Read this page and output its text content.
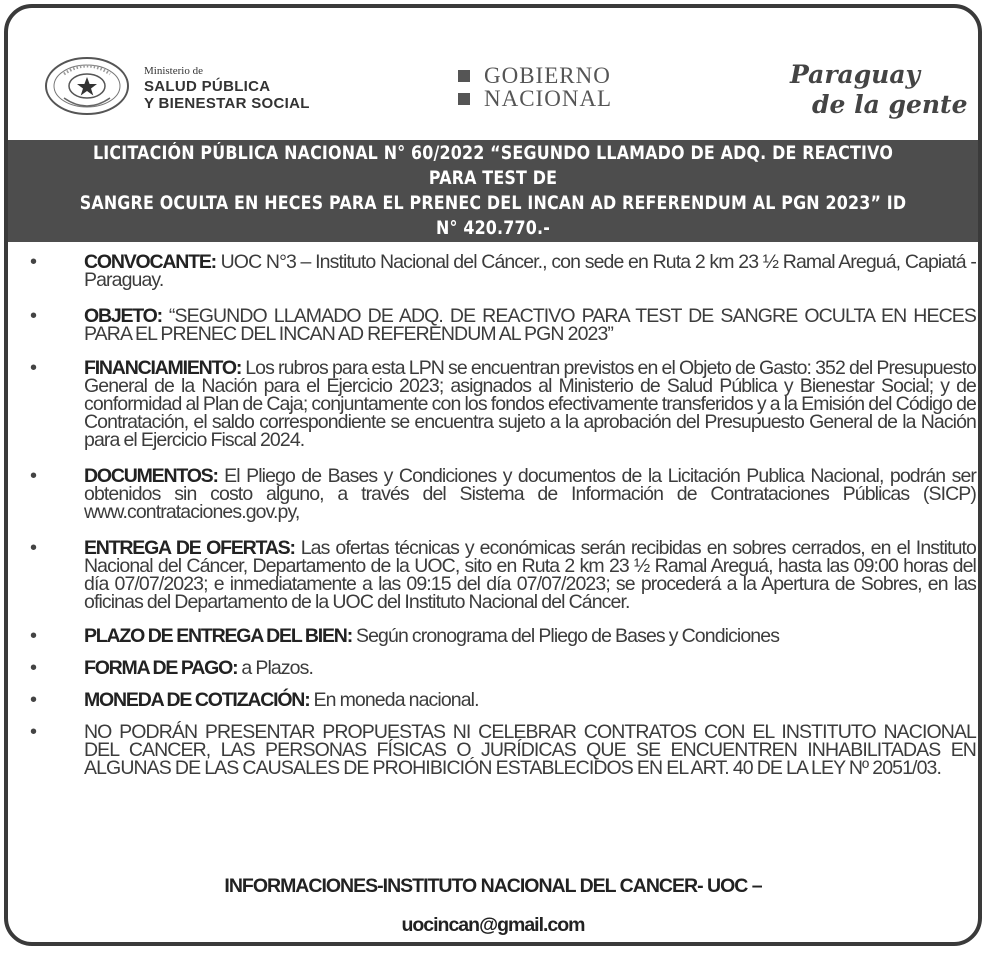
Ministerio de
SALUD PÚBLICA
Y BIENESTAR SOCIAL
GOBIERNO
NACIONAL
Paraguay
de la gente
LICITACIÓN PÚBLICA NACIONAL N° 60/2022 “SEGUNDO LLAMADO DE ADQ. DE REACTIVO PARA TEST DE
SANGRE OCULTA EN HECES PARA EL PRENEC DEL INCAN AD REFERENDUM AL PGN 2023” ID N° 420.770.-
• CONVOCANTE: UOC N°3 – Instituto Nacional del Cáncer., con sede en Ruta 2 km 23 ½ Ramal Areguá, Capiatá - Paraguay.
• OBJETO: “SEGUNDO LLAMADO DE ADQ. DE REACTIVO PARA TEST DE SANGRE OCULTA EN HECES PARA EL PRENEC DEL INCAN AD REFERENDUM AL PGN 2023”
• FINANCIAMIENTO: Los rubros para esta LPN se encuentran previstos en el Objeto de Gasto: 352 del Presupuesto General de la Nación para el Ejercicio 2023; asignados al Ministerio de Salud Pública y Bienestar Social; y de conformidad al Plan de Caja; conjuntamente con los fondos efectivamente transferidos y a la Emisión del Código de Contratación, el saldo correspondiente se encuentra sujeto a la aprobación del Presupuesto General de la Nación para el Ejercicio Fiscal 2024.
• DOCUMENTOS: El Pliego de Bases y Condiciones y documentos de la Licitación Publica Nacional, podrán ser obtenidos sin costo alguno, a través del Sistema de Información de Contrataciones Públicas (SICP) www.contrataciones.gov.py,
• ENTREGA DE OFERTAS: Las ofertas técnicas y económicas serán recibidas en sobres cerrados, en el Instituto Nacional del Cáncer, Departamento de la UOC, sito en Ruta 2 km 23 ½ Ramal Areguá, hasta las 09:00 horas del día 07/07/2023; e inmediatamente a las 09:15 del día 07/07/2023; se procederá a la Apertura de Sobres, en las oficinas del Departamento de la UOC del Instituto Nacional del Cáncer.
• PLAZO DE ENTREGA DEL BIEN: Según cronograma del Pliego de Bases y Condiciones
• FORMA DE PAGO: a Plazos.
• MONEDA DE COTIZACIÓN: En moneda nacional.
• NO PODRÁN PRESENTAR PROPUESTAS NI CELEBRAR CONTRATOS CON EL INSTITUTO NACIONAL DEL CANCER, LAS PERSONAS FÍSICAS O JURÍDICAS QUE SE ENCUENTREN INHABILITADAS EN ALGUNAS DE LAS CAUSALES DE PROHIBICIÓN ESTABLECIDOS EN EL ART. 40 DE LA LEY Nº 2051/03.
INFORMACIONES-INSTITUTO NACIONAL DEL CANCER- UOC –
uocincan@gmail.com
